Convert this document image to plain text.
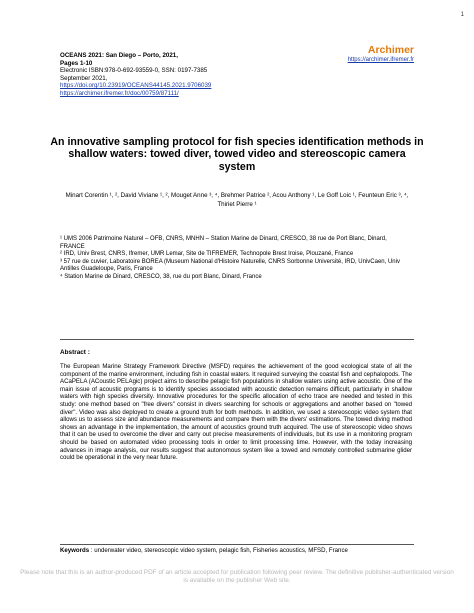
1
Archimer
https://archimer.ifremer.fr
OCEANS 2021: San Diego – Porto, 2021,
Pages 1-10
Electronic ISBN:978-0-692-93559-0, SSN: 0197-7385
September 2021,
https://doi.org/10.23919/OCEANS44145.2021.9706039
https://archimer.ifremer.fr/doc/00759/87111/
An innovative sampling protocol for fish species identification methods in shallow waters: towed diver, towed video and stereoscopic camera system
Minart Corentin ¹, ², David Viviane ¹, ², Mouget Anne ³, ⁴, Brehmer Patrice ², Acou Anthony ¹, Le Goff Loic ¹, Feunteun Eric ³, ⁴, Thiriet Pierre ¹

¹ UMS 2006 Patrimoine Naturel – OFB, CNRS, MNHN – Station Marine de Dinard, CRESCO, 38 rue de Port Blanc, Dinard, FRANCE

² IRD, Univ Brest, CNRS, Ifremer, UMR Lemar, Site de TIFREMER, Technopole Brest Iroise, Plouzané, France

³ 57 rue de cuvier, Laboratoire BOREA (Museum National d'Histoire Naturelle, CNRS Sorbonne Université, IRD, UnivCaen, Univ Antilles Guadeloupe, Paris, France

⁴ Station Marine de Dinard, CRESCO, 38, rue du port Blanc, Dinard, France

Abstract :
The European Marine Strategy Framework Directive (MSFD) requires the achievement of the good ecological state of all the component of the marine environment, including fish in coastal waters. It required surveying the coastal fish and cephalopods. The ACaPELA (ACoustic PELAgic) project aims to describe pelagic fish populations in shallow waters using active acoustic. One of the main issue of acoustic programs is to identify species associated with acoustic detection remains difficult, particularly in shallow waters with high species diversity. Innovative procedures for the specific allocation of echo trace are needed and tested in this study: one method based on "free divers" consist in divers searching for schools or aggregations and another based on "towed diver". Video was also deployed to create a ground truth for both methods. In addition, we used a stereoscopic video system that allows us to assess size and abundance measurements and compare them with the divers' estimations. The towed diving method shows an advantage in the implementation, the amount of acoustics ground truth acquired. The use of stereoscopic video shows that it can be used to overcome the diver and carry out precise measurements of individuals, but its use in a monitoring program should be based on automated video processing tools in order to limit processing time. However, with the today increasing advances in image analysis, our results suggest that autonomous system like a towed and remotely controlled submarine glider could be operational in the very near future.
Keywords : underwater video, stereoscopic video system, pelagic fish, Fisheries acoustics, MFSD, France
Please note that this is an author-produced PDF of an article accepted for publication following peer review. The definitive publisher-authenticated version is available on the publisher Web site.
